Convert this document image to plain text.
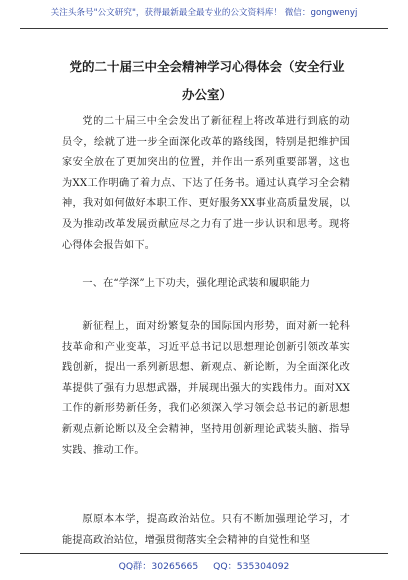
关注头条号"公文研究"，获得最新最全最专业的公文资料库！ 微信：gongwenyj
党的二十届三中全会精神学习心得体会（安全行业办公室）

党的二十届三中全会发出了新征程上将改革进行到底的动员令，绘就了进一步全面深化改革的路线图，特别是把维护国家安全放在了更加突出的位置，并作出一系列重要部署，这也为XX工作明确了着力点、下达了任务书。通过认真学习全会精神，我对如何做好本职工作、更好服务XX事业高质量发展，以及为推动改革发展贡献应尽之力有了进一步认识和思考。现将心得体会报告如下。

一、在“学深”上下功夫，强化理论武装和履职能力

新征程上，面对纷繁复杂的国际国内形势，面对新一轮科技革命和产业变革，习近平总书记以思想理论创新引领改革实践创新，提出一系列新思想、新观点、新论断，为全面深化改革提供了强有力思想武器，并展现出强大的实践伟力。面对XX工作的新形势新任务，我们必须深入学习领会总书记的新思想新观点新论断以及全会精神，坚持用创新理论武装头脑、指导实践、推动工作。

原原本本学，提高政治站位。只有不断加强理论学习，才能提高政治站位，增强贯彻落实全会精神的自觉性和坚

QQ群：30265665 QQ：535304092
